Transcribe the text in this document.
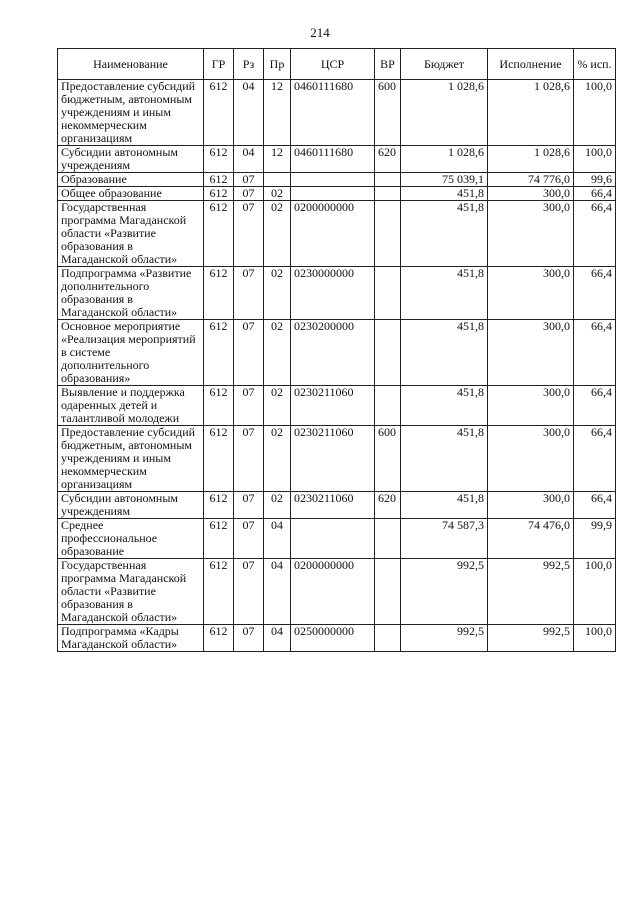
214
Наименование	ГР	Рз	Пр	ЦСР	ВР	Бюджет	Исполнение	% исп.
Предоставление субсидий бюджетным, автономным учреждениям и иным некоммерческим организациям	612	04	12	0460111680	600	1 028,6	1 028,6	100,0
Субсидии автономным учреждениям	612	04	12	0460111680	620	1 028,6	1 028,6	100,0
Образование	612	07				75 039,1	74 776,0	99,6
Общее образование	612	07	02			451,8	300,0	66,4
Государственная программа Магаданской области «Развитие образования в Магаданской области»	612	07	02	0200000000		451,8	300,0	66,4
Подпрограмма «Развитие дополнительного образования в Магаданской области»	612	07	02	0230000000		451,8	300,0	66,4
Основное мероприятие «Реализация мероприятий в системе дополнительного образования»	612	07	02	0230200000		451,8	300,0	66,4
Выявление и поддержка одаренных детей и талантливой молодежи	612	07	02	0230211060		451,8	300,0	66,4
Предоставление субсидий бюджетным, автономным учреждениям и иным некоммерческим организациям	612	07	02	0230211060	600	451,8	300,0	66,4
Субсидии автономным учреждениям	612	07	02	0230211060	620	451,8	300,0	66,4
Среднее профессиональное образование	612	07	04			74 587,3	74 476,0	99,9
Государственная программа Магаданской области «Развитие образования в Магаданской области»	612	07	04	0200000000		992,5	992,5	100,0
Подпрограмма «Кадры Магаданской области»	612	07	04	0250000000		992,5	992,5	100,0
